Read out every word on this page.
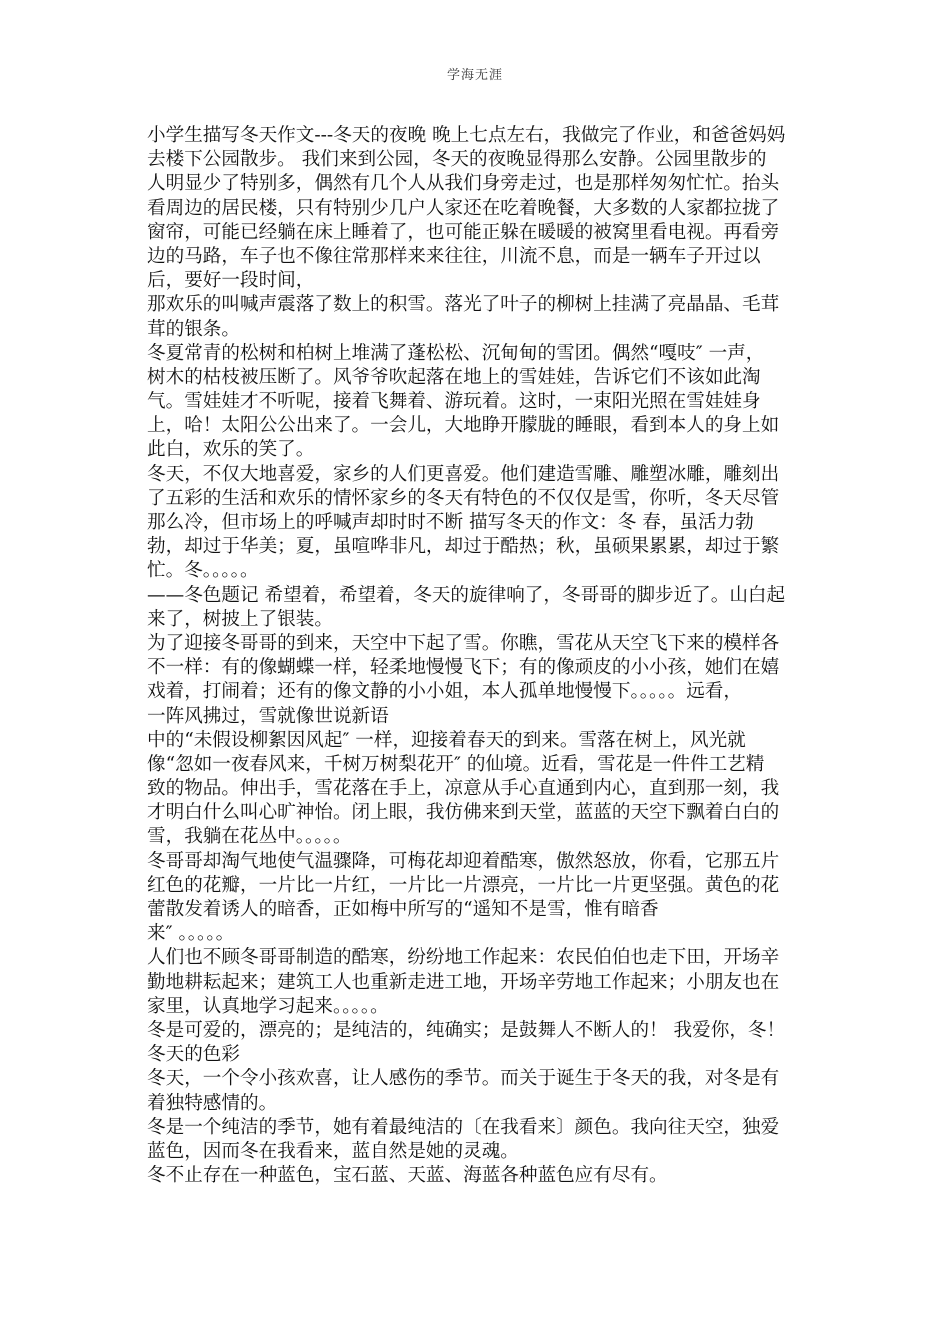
学海无涯
小学生描写冬天作文---冬天的夜晚 晚上七点左右，我做完了作业，和爸爸妈妈
去楼下公园散步。 我们来到公园，冬天的夜晚显得那么安静。公园里散步的
人明显少了特别多，偶然有几个人从我们身旁走过，也是那样匆匆忙忙。抬头
看周边的居民楼，只有特别少几户人家还在吃着晚餐，大多数的人家都拉拢了
窗帘，可能已经躺在床上睡着了，也可能正躲在暖暖的被窝里看电视。再看旁
边的马路，车子也不像往常那样来来往往，川流不息，而是一辆车子开过以
后，要好一段时间，
那欢乐的叫喊声震落了数上的积雪。落光了叶子的柳树上挂满了亮晶晶、毛茸
茸的银条。
冬夏常青的松树和柏树上堆满了蓬松松、沉甸甸的雪团。偶然“嘎吱″ 一声，
树木的枯枝被压断了。风爷爷吹起落在地上的雪娃娃，告诉它们不该如此淘
气。雪娃娃才不听呢，接着飞舞着、游玩着。这时，一束阳光照在雪娃娃身
上，哈！太阳公公出来了。一会儿，大地睁开朦胧的睡眼，看到本人的身上如
此白，欢乐的笑了。
冬天，不仅大地喜爱，家乡的人们更喜爱。他们建造雪雕、雕塑冰雕，雕刻出
了五彩的生活和欢乐的情怀家乡的冬天有特色的不仅仅是雪，你听，冬天尽管
那么冷，但市场上的呼喊声却时时不断 描写冬天的作文：冬 春，虽活力勃
勃，却过于华美；夏，虽喧哗非凡，却过于酷热；秋，虽硕果累累，却过于繁
忙。冬。。。。。
——冬色题记 希望着，希望着，冬天的旋律响了，冬哥哥的脚步近了。山白起
来了，树披上了银装。
为了迎接冬哥哥的到来，天空中下起了雪。你瞧，雪花从天空飞下来的模样各
不一样：有的像蝴蝶一样，轻柔地慢慢飞下；有的像顽皮的小小孩，她们在嬉
戏着，打闹着；还有的像文静的小小姐，本人孤单地慢慢下。。。。。远看，
一阵风拂过，雪就像世说新语
中的“未假设柳絮因风起″ 一样，迎接着春天的到来。雪落在树上，风光就
像“忽如一夜春风来，千树万树梨花开″ 的仙境。近看，雪花是一件件工艺精
致的物品。伸出手，雪花落在手上，凉意从手心直通到内心，直到那一刻，我
才明白什么叫心旷神怡。闭上眼，我仿佛来到天堂，蓝蓝的天空下飘着白白的
雪，我躺在花丛中。。。。。
冬哥哥却淘气地使气温骤降，可梅花却迎着酷寒，傲然怒放，你看，它那五片
红色的花瓣，一片比一片红，一片比一片漂亮，一片比一片更坚强。黄色的花
蕾散发着诱人的暗香，正如梅中所写的“遥知不是雪，惟有暗香
来″ 。。。。。
人们也不顾冬哥哥制造的酷寒，纷纷地工作起来：农民伯伯也走下田，开场辛
勤地耕耘起来；建筑工人也重新走进工地，开场辛劳地工作起来；小朋友也在
家里，认真地学习起来。。。。。
冬是可爱的，漂亮的；是纯洁的，纯确实；是鼓舞人不断人的！ 我爱你，冬！
冬天的色彩
冬天，一个令小孩欢喜，让人感伤的季节。而关于诞生于冬天的我，对冬是有
着独特感情的。
冬是一个纯洁的季节，她有着最纯洁的〔在我看来〕颜色。我向往天空，独爱
蓝色，因而冬在我看来，蓝自然是她的灵魂。
冬不止存在一种蓝色，宝石蓝、天蓝、海蓝各种蓝色应有尽有。
